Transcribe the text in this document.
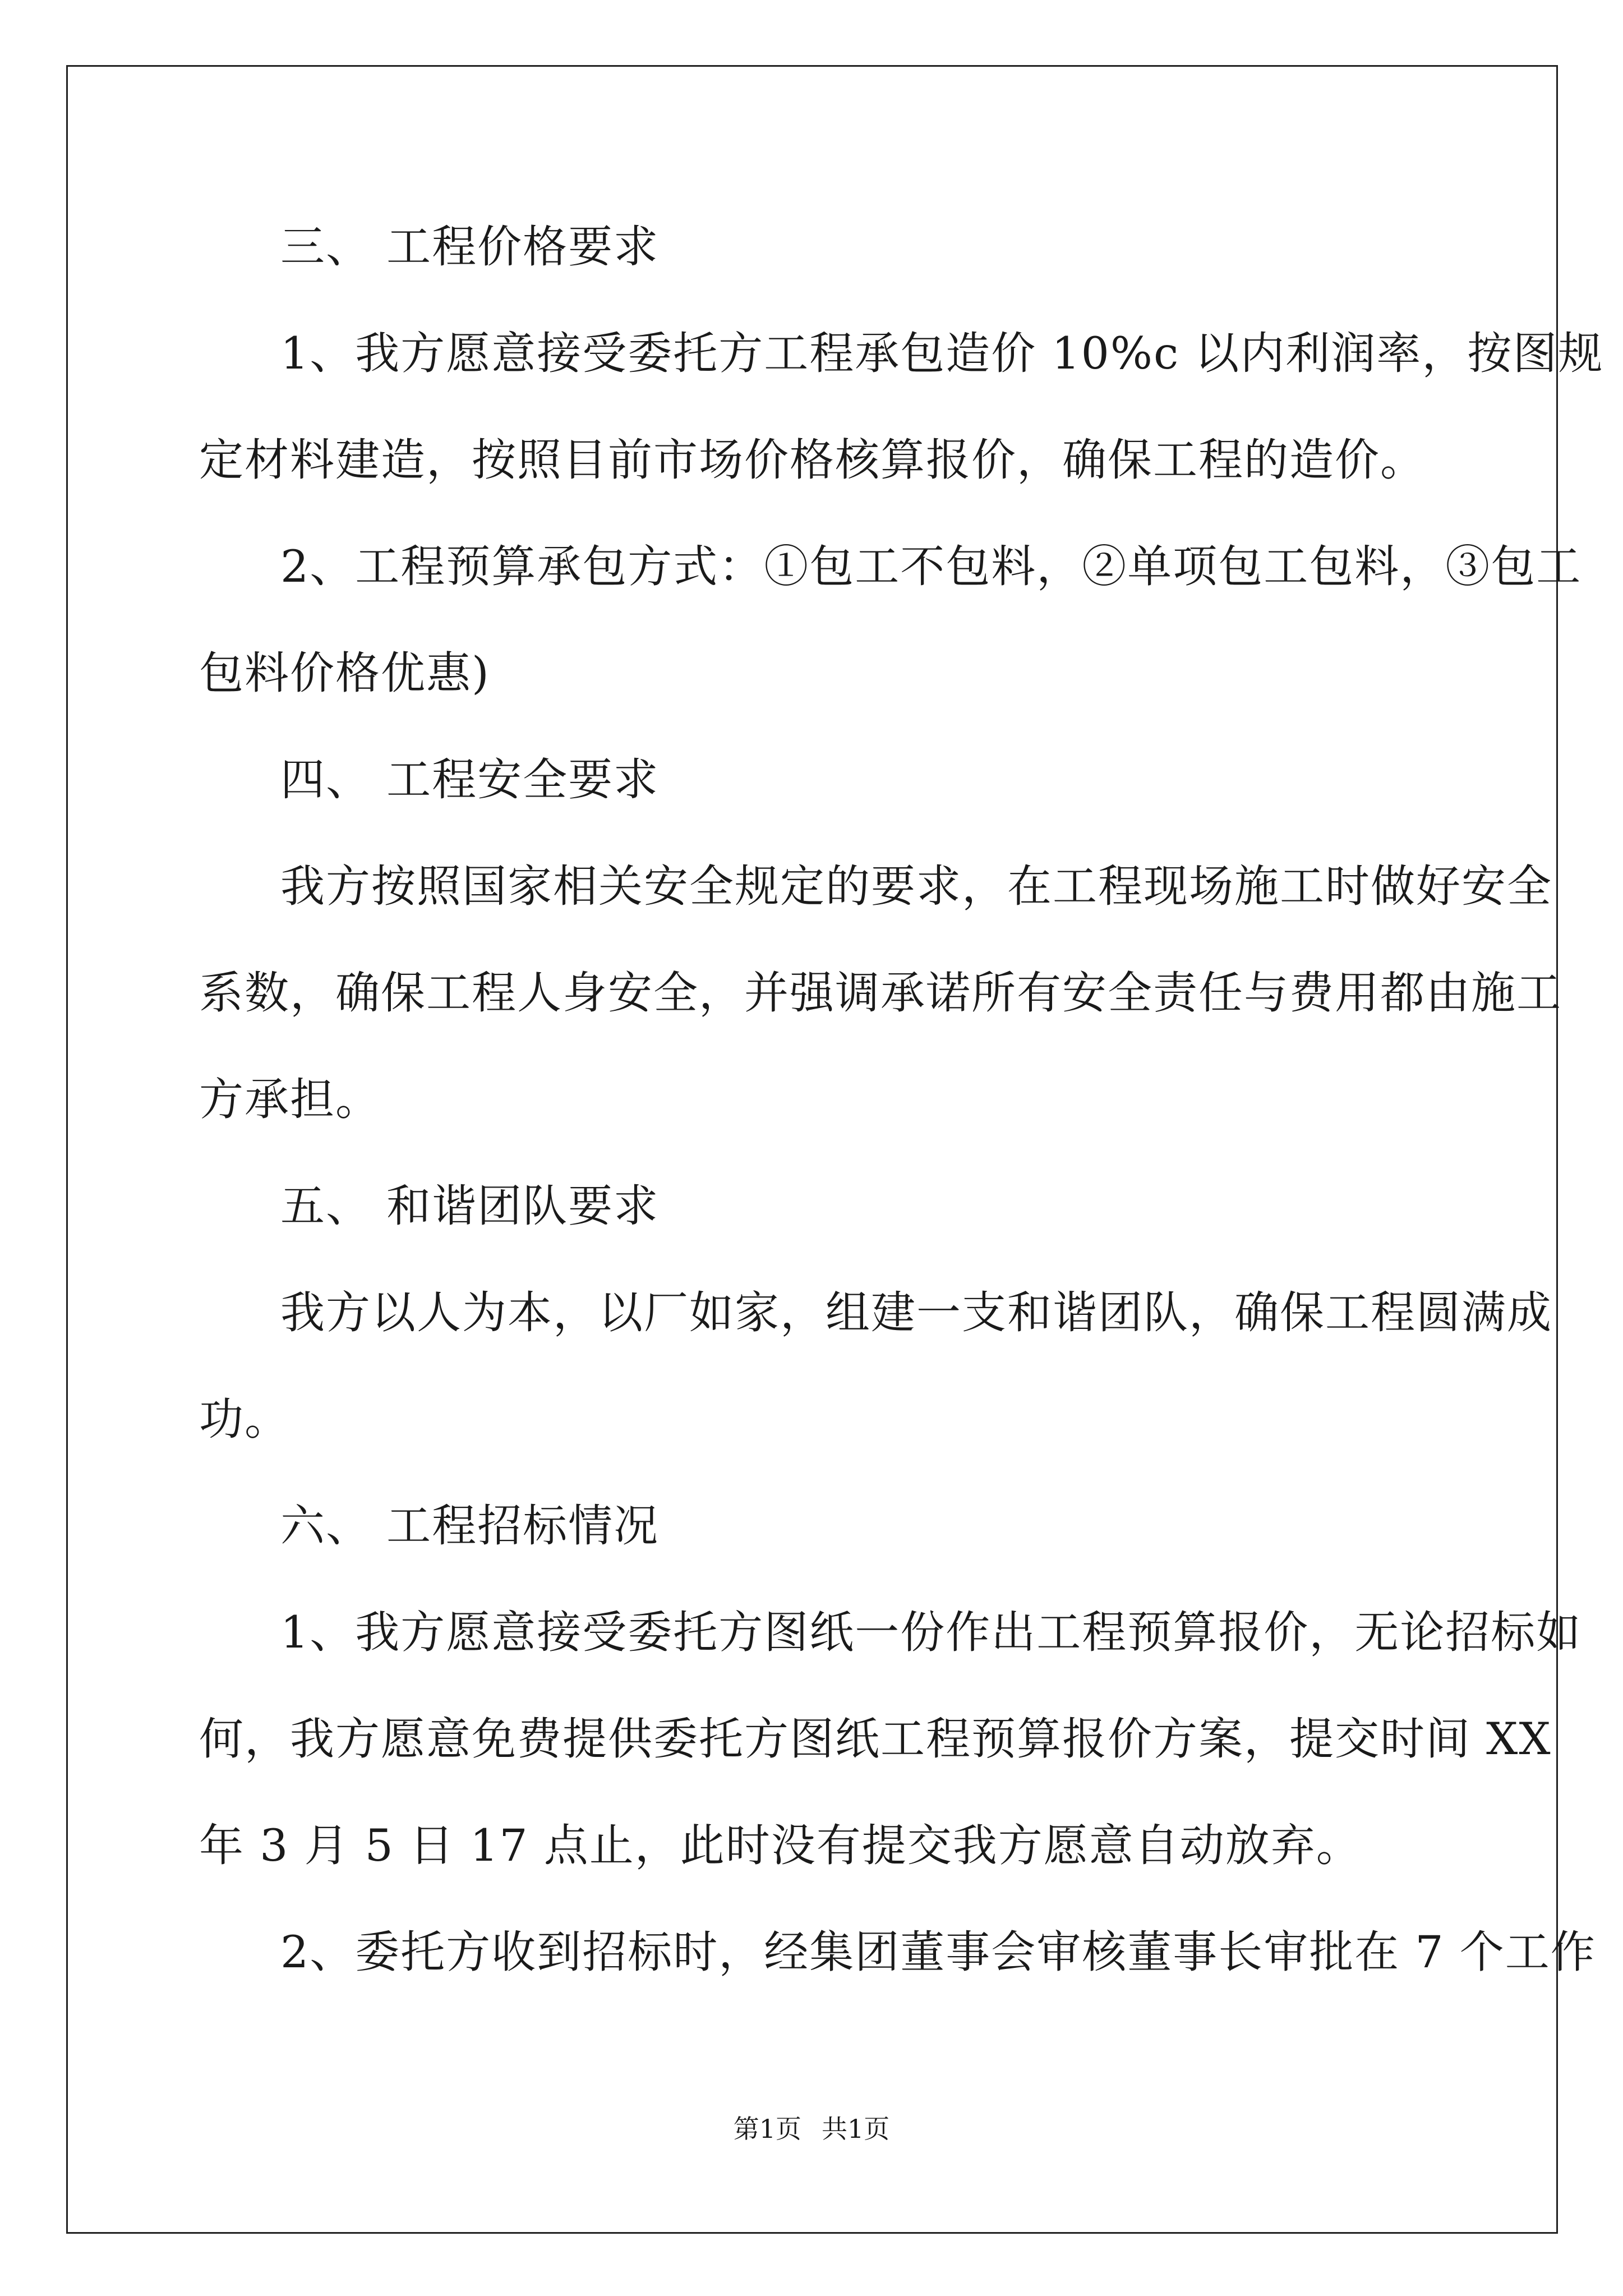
三、 工程价格要求

1、我方愿意接受委托方工程承包造价 10%c 以内利润率，按图规

定材料建造，按照目前市场价格核算报价，确保工程的造价。

2、工程预算承包方式：①包工不包料，②单项包工包料，③包工

包料价格优惠)

四、 工程安全要求

我方按照国家相关安全规定的要求，在工程现场施工时做好安全

系数，确保工程人身安全，并强调承诺所有安全责任与费用都由施工

方承担。

五、 和谐团队要求

我方以人为本，以厂如家，组建一支和谐团队，确保工程圆满成

功。

六、 工程招标情况

1、我方愿意接受委托方图纸一份作出工程预算报价，无论招标如

何，我方愿意免费提供委托方图纸工程预算报价方案，提交时间 XX

年 3 月 5 日 17 点止，此时没有提交我方愿意自动放弃。

2、委托方收到招标时，经集团董事会审核董事长审批在 7 个工作

第1页 共1页
